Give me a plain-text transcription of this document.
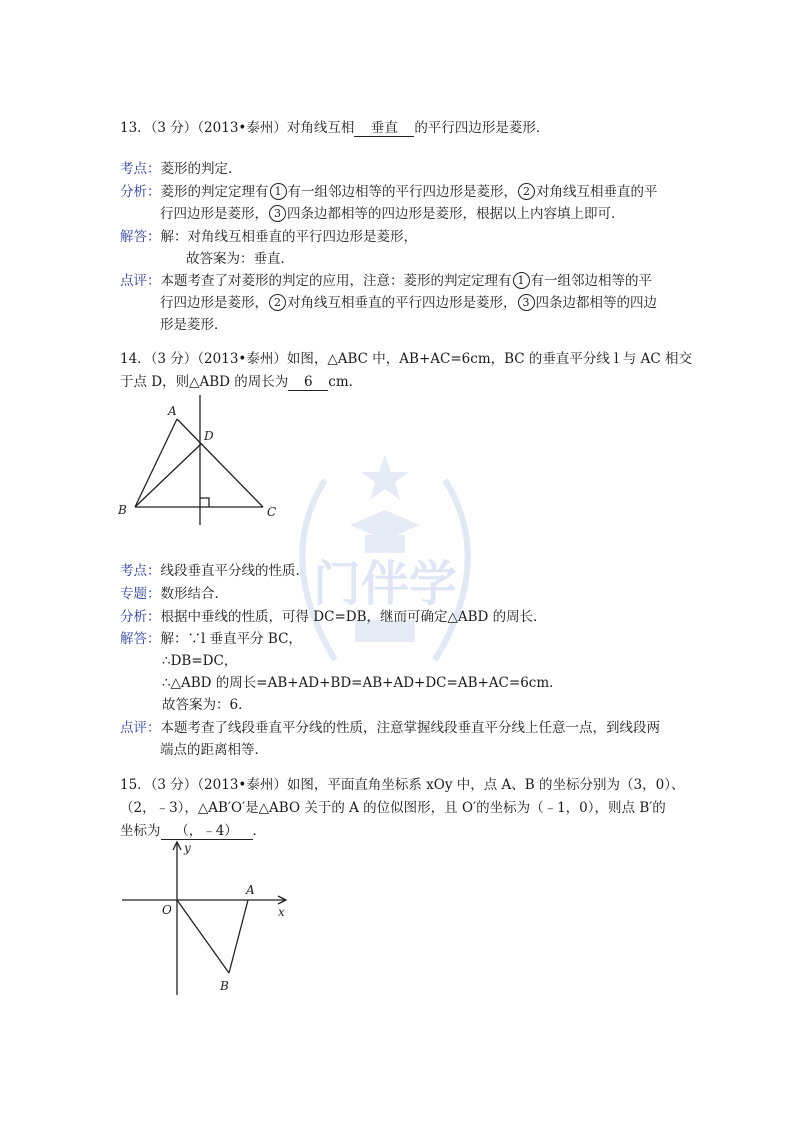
门伴学
13．（3 分）（2013•泰州）对角线互相 垂直 的平行四边形是菱形．
考点：菱形的判定．
分析：菱形的判定定理有 1 有一组邻边相等的平行四边形是菱形， 2 对角线互相垂直的平
行四边形是菱形， 3 四条边都相等的四边形是菱形，根据以上内容填上即可．
解答：解：对角线互相垂直的平行四边形是菱形，
故答案为：垂直．
点评：本题考查了对菱形的判定的应用，注意：菱形的判定定理有 1 有一组邻边相等的平
行四边形是菱形， 2 对角线互相垂直的平行四边形是菱形， 3 四条边都相等的四边
形是菱形．
14．（3 分）（2013•泰州）如图，△ABC 中，AB+AC=6cm，BC 的垂直平分线 l 与 AC 相交
于点 D，则△ABD 的周长为 6 cm．
A
B	C
D
考点：线段垂直平分线的性质．
专题：数形结合．
分析：根据中垂线的性质，可得 DC=DB，继而可确定△ABD 的周长．
解答：解：∵l 垂直平分 BC，
∴DB=DC，
∴△ABD 的周长=AB+AD+BD=AB+AD+DC=AB+AC=6cm．
故答案为：6．
点评：本题考查了线段垂直平分线的性质，注意掌握线段垂直平分线上任意一点，到线段两
端点的距离相等．
15．（3 分）（2013•泰州）如图，平面直角坐标系 xOy 中，点 A、B 的坐标分别为（3，0）、
（2，﹣3），△AB′O′是△ABO 关于的 A 的位似图形，且 O′的坐标为（﹣1，0），则点 B′的
坐标为 （，﹣4） ．
y
x
O
A
B
